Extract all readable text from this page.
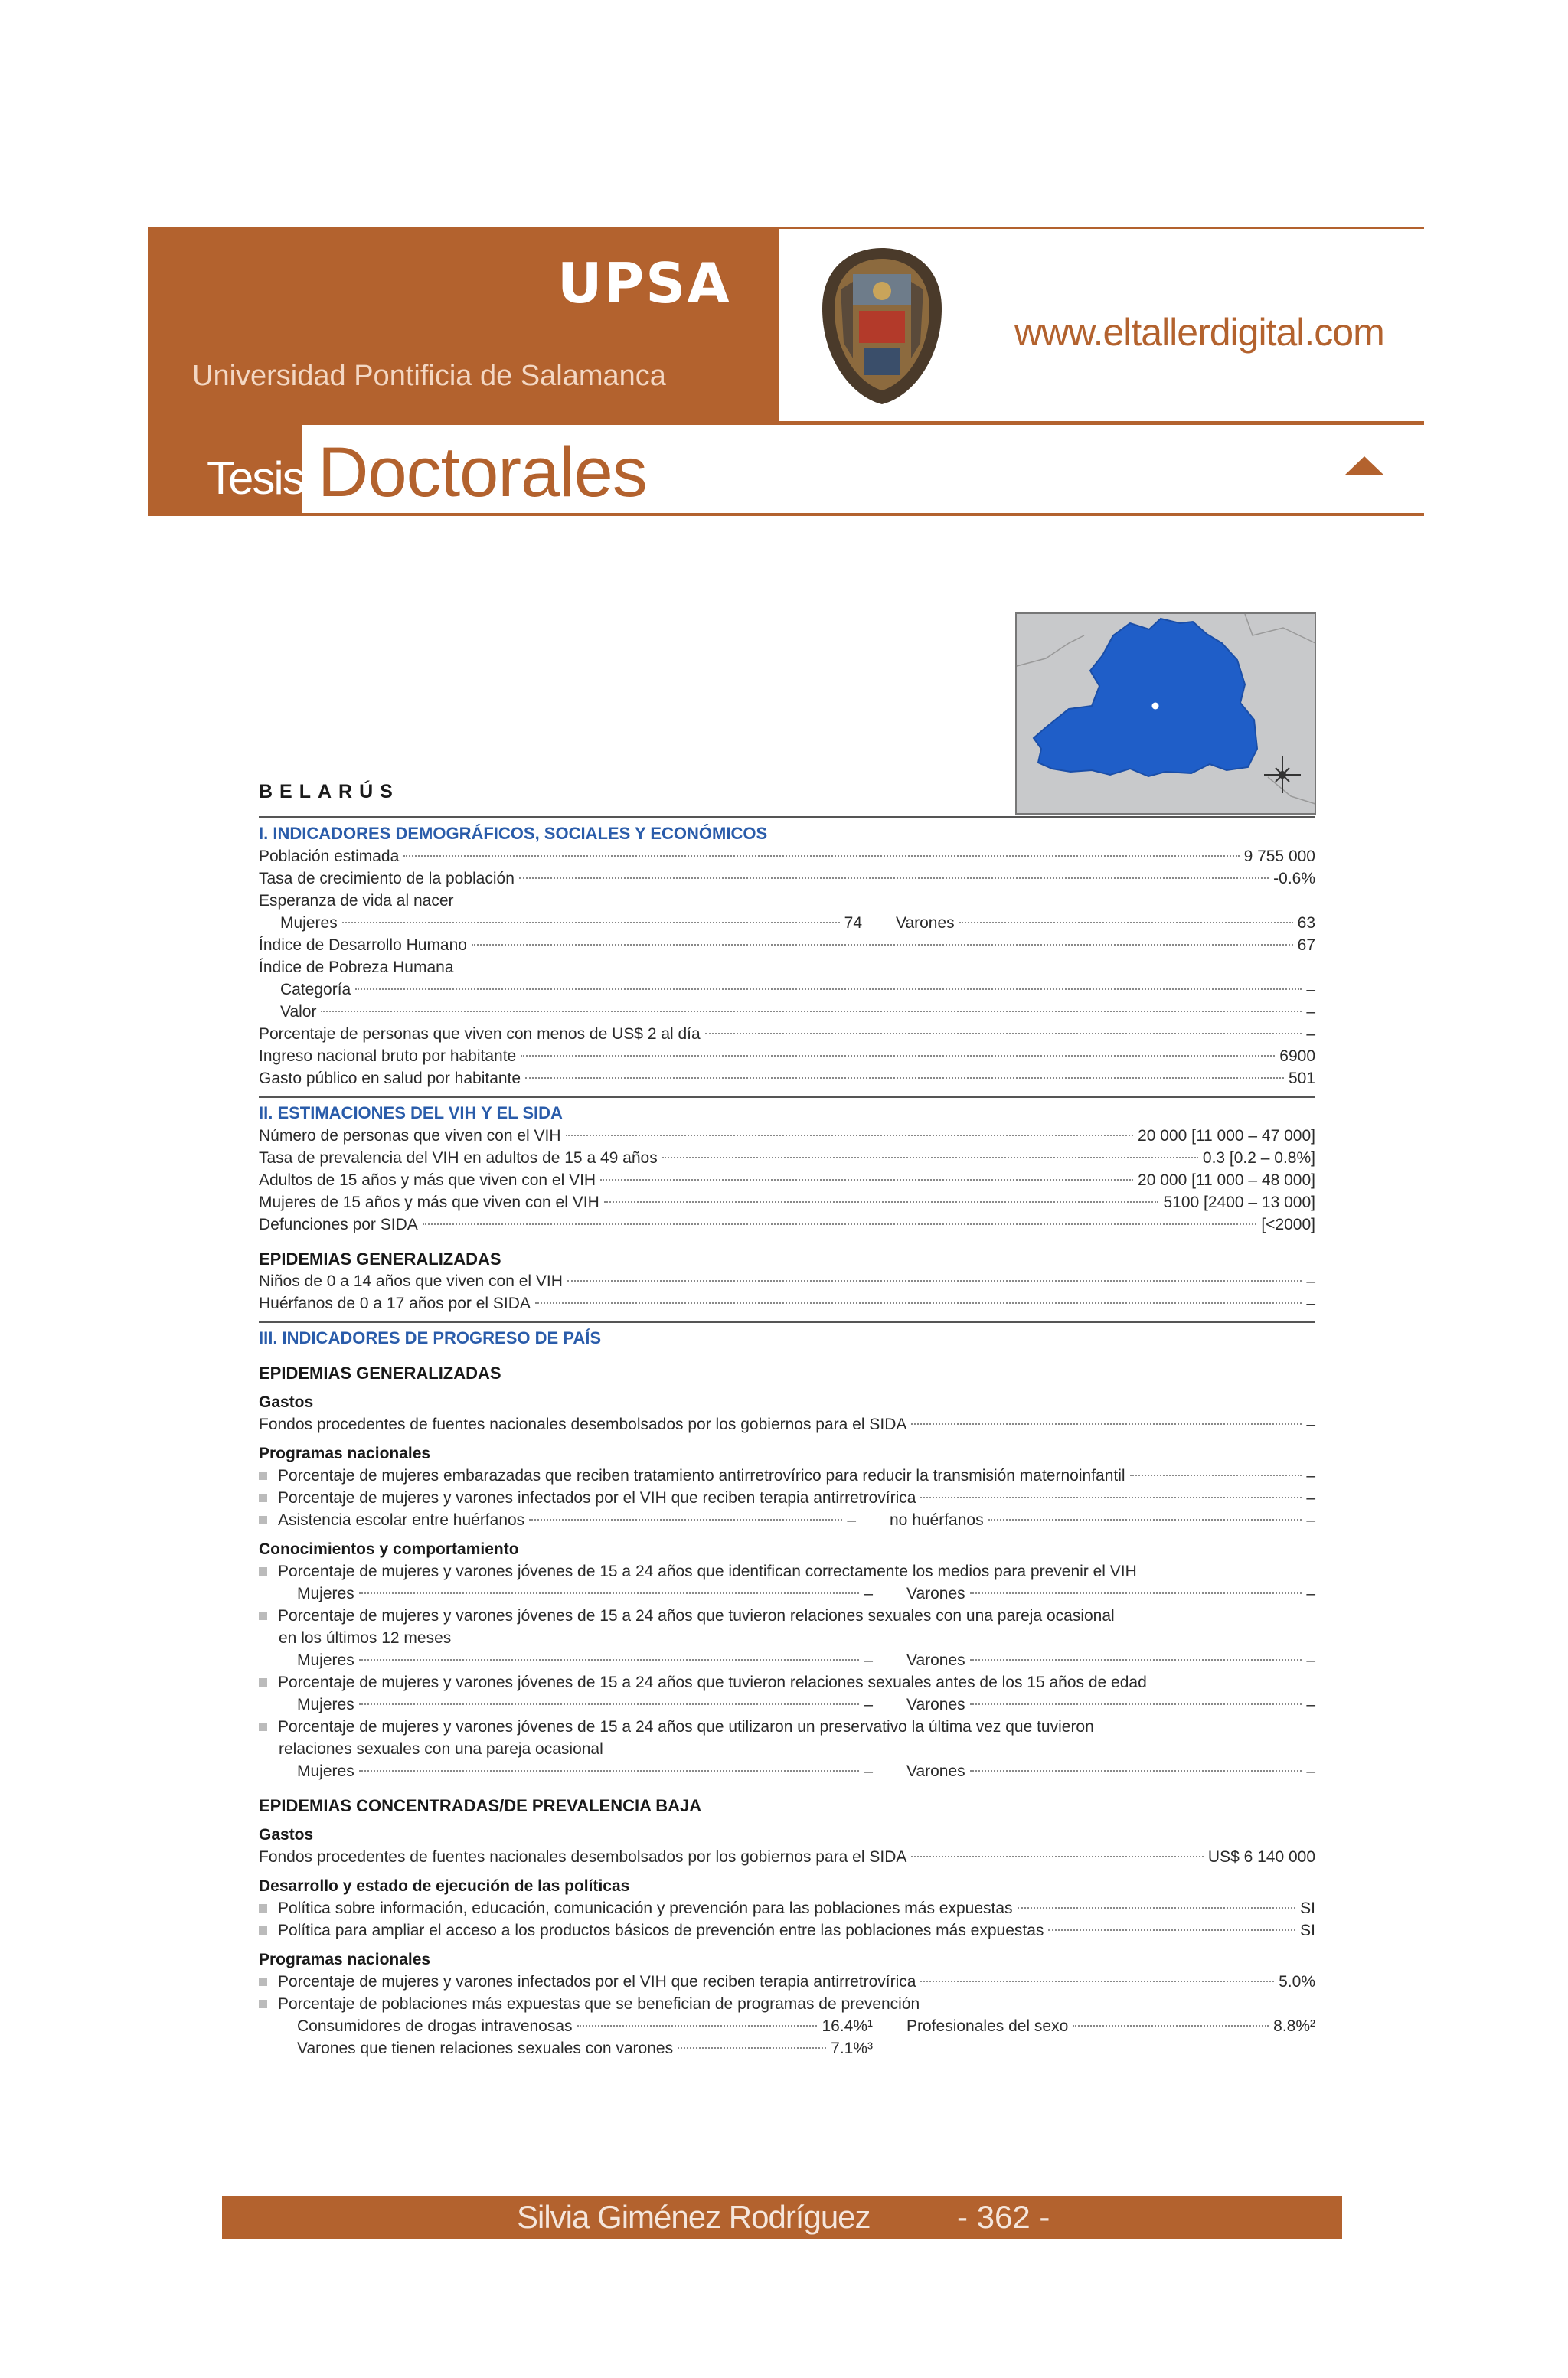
UPSA
Universidad Pontificia de Salamanca
www.eltallerdigital.com
Tesis Doctorales
BELARÚS
I. INDICADORES DEMOGRÁFICOS, SOCIALES Y ECONÓMICOS
Población estimada	9 755 000
Tasa de crecimiento de la población	-0.6%
Esperanza de vida al nacer
Mujeres	74 Varones	63
Índice de Desarrollo Humano	67
Índice de Pobreza Humana
Categoría	–
Valor	–
Porcentaje de personas que viven con menos de US$ 2 al día	–
Ingreso nacional bruto por habitante	6900
Gasto público en salud por habitante	501
II. ESTIMACIONES DEL VIH Y EL SIDA
Número de personas que viven con el VIH	20 000 [11 000 – 47 000]
Tasa de prevalencia del VIH en adultos de 15 a 49 años	0.3 [0.2 – 0.8%]
Adultos de 15 años y más que viven con el VIH	20 000 [11 000 – 48 000]
Mujeres de 15 años y más que viven con el VIH	5100 [2400 – 13 000]
Defunciones por SIDA	[<2000]
EPIDEMIAS GENERALIZADAS
Niños de 0 a 14 años que viven con el VIH	–
Huérfanos de 0 a 17 años por el SIDA	–
III. INDICADORES DE PROGRESO DE PAÍS
EPIDEMIAS GENERALIZADAS
Gastos
Fondos procedentes de fuentes nacionales desembolsados por los gobiernos para el SIDA	–
Programas nacionales
Porcentaje de mujeres embarazadas que reciben tratamiento antirretrovírico para reducir la transmisión maternoinfantil	–
Porcentaje de mujeres y varones infectados por el VIH que reciben terapia antirretrovírica	–
Asistencia escolar entre huérfanos	– no huérfanos	–
Conocimientos y comportamiento
Porcentaje de mujeres y varones jóvenes de 15 a 24 años que identifican correctamente los medios para prevenir el VIH
Mujeres	– Varones	–
Porcentaje de mujeres y varones jóvenes de 15 a 24 años que tuvieron relaciones sexuales con una pareja ocasional
en los últimos 12 meses
Mujeres	– Varones	–
Porcentaje de mujeres y varones jóvenes de 15 a 24 años que tuvieron relaciones sexuales antes de los 15 años de edad
Mujeres	– Varones	–
Porcentaje de mujeres y varones jóvenes de 15 a 24 años que utilizaron un preservativo la última vez que tuvieron
relaciones sexuales con una pareja ocasional
Mujeres	– Varones	–
EPIDEMIAS CONCENTRADAS/DE PREVALENCIA BAJA
Gastos
Fondos procedentes de fuentes nacionales desembolsados por los gobiernos para el SIDA	US$ 6 140 000
Desarrollo y estado de ejecución de las políticas
Política sobre información, educación, comunicación y prevención para las poblaciones más expuestas	SI
Política para ampliar el acceso a los productos básicos de prevención entre las poblaciones más expuestas	SI
Programas nacionales
Porcentaje de mujeres y varones infectados por el VIH que reciben terapia antirretrovírica	5.0%
Porcentaje de poblaciones más expuestas que se benefician de programas de prevención
Consumidores de drogas intravenosas	16.4%¹ Profesionales del sexo	8.8%²
Varones que tienen relaciones sexuales con varones	7.1%³
Silvia Giménez Rodríguez	- 362 -
